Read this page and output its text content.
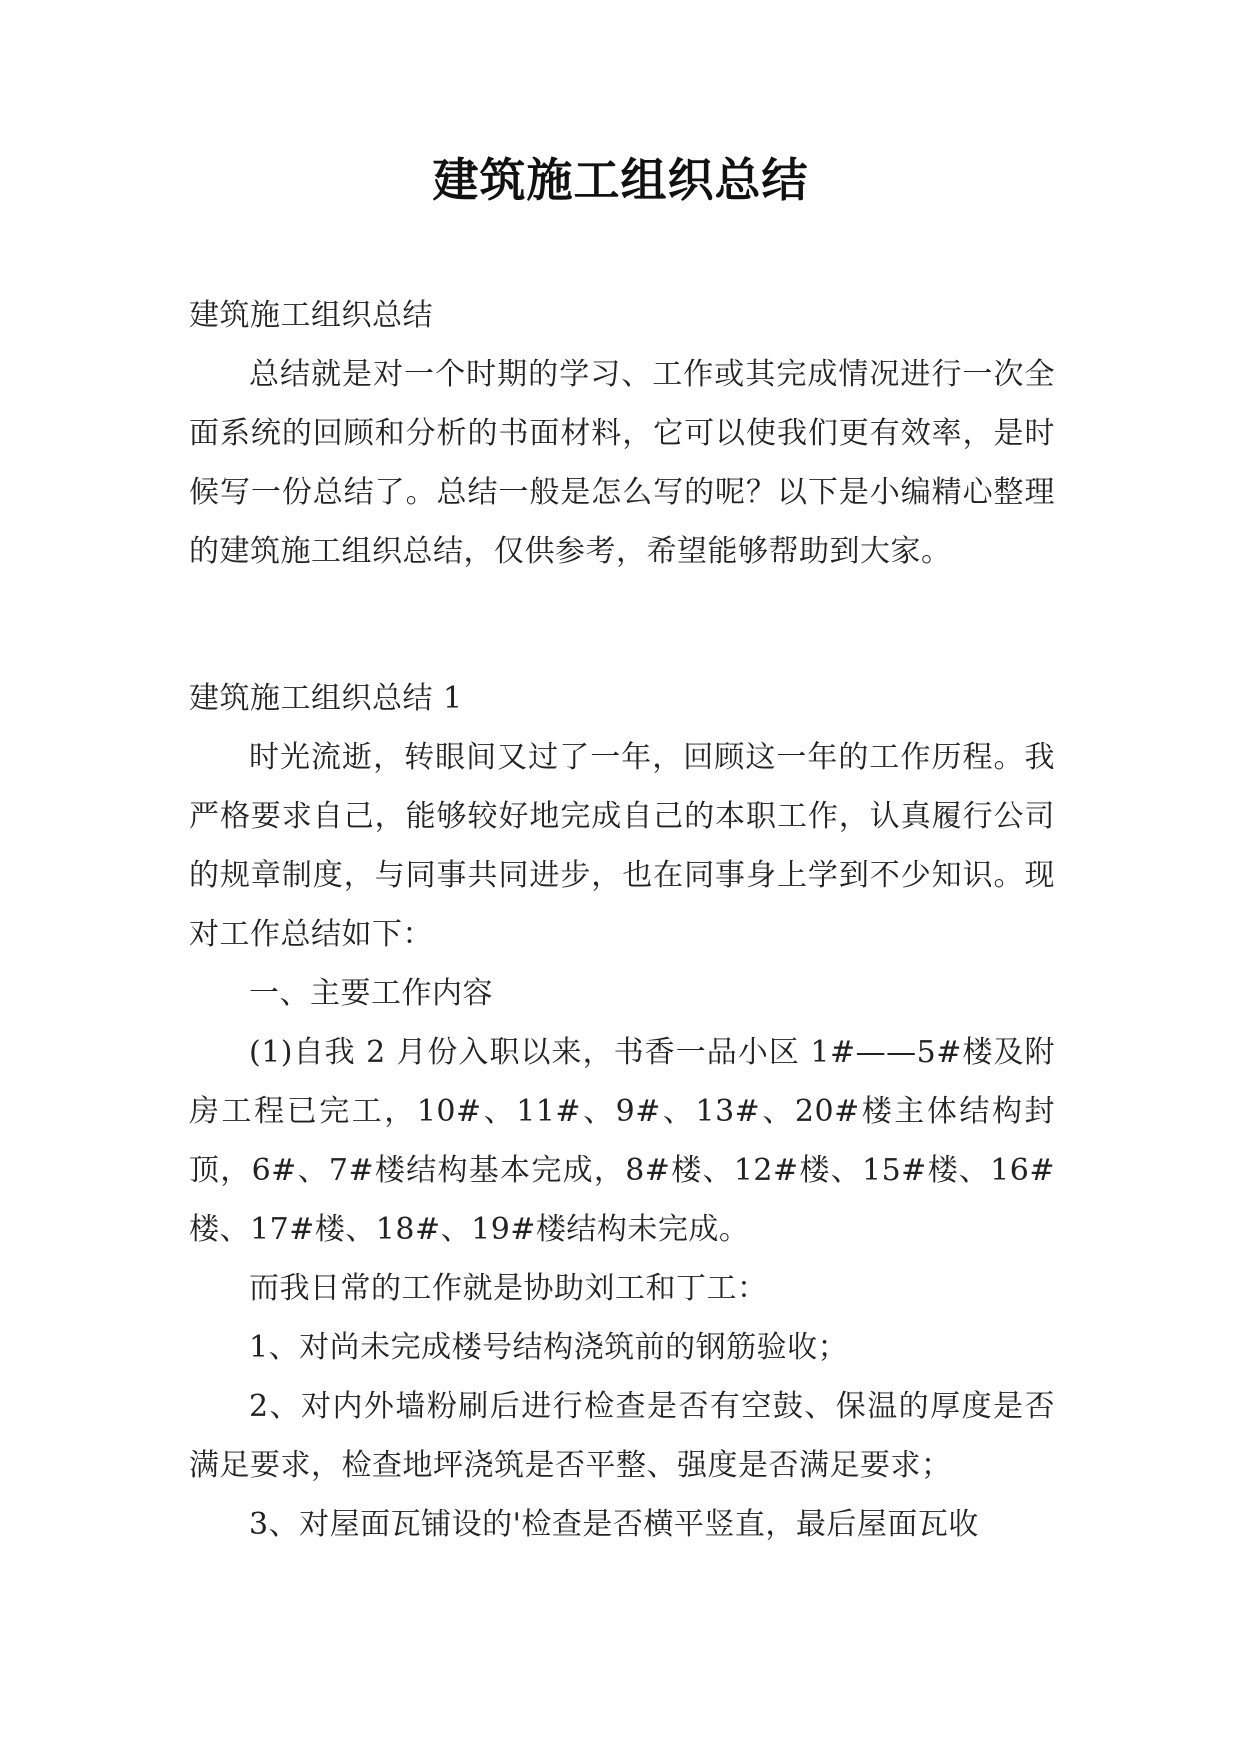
建筑施工组织总结

建筑施工组织总结

总结就是对一个时期的学习、工作或其完成情况进行一次全面系统的回顾和分析的书面材料，它可以使我们更有效率，是时候写一份总结了。总结一般是怎么写的呢？以下是小编精心整理的建筑施工组织总结，仅供参考，希望能够帮助到大家。

建筑施工组织总结 1

时光流逝，转眼间又过了一年，回顾这一年的工作历程。我严格要求自己，能够较好地完成自己的本职工作，认真履行公司的规章制度，与同事共同进步，也在同事身上学到不少知识。现对工作总结如下：

一、主要工作内容

(1)自我 2 月份入职以来，书香一品小区 1#——5#楼及附房工程已完工，10#、11#、9#、13#、20#楼主体结构封顶，6#、7#楼结构基本完成，8#楼、12#楼、15#楼、16#楼、17#楼、18#、19#楼结构未完成。

而我日常的工作就是协助刘工和丁工：

1、对尚未完成楼号结构浇筑前的钢筋验收；

2、对内外墙粉刷后进行检查是否有空鼓、保温的厚度是否满足要求，检查地坪浇筑是否平整、强度是否满足要求；

3、对屋面瓦铺设的'检查是否横平竖直，最后屋面瓦收
